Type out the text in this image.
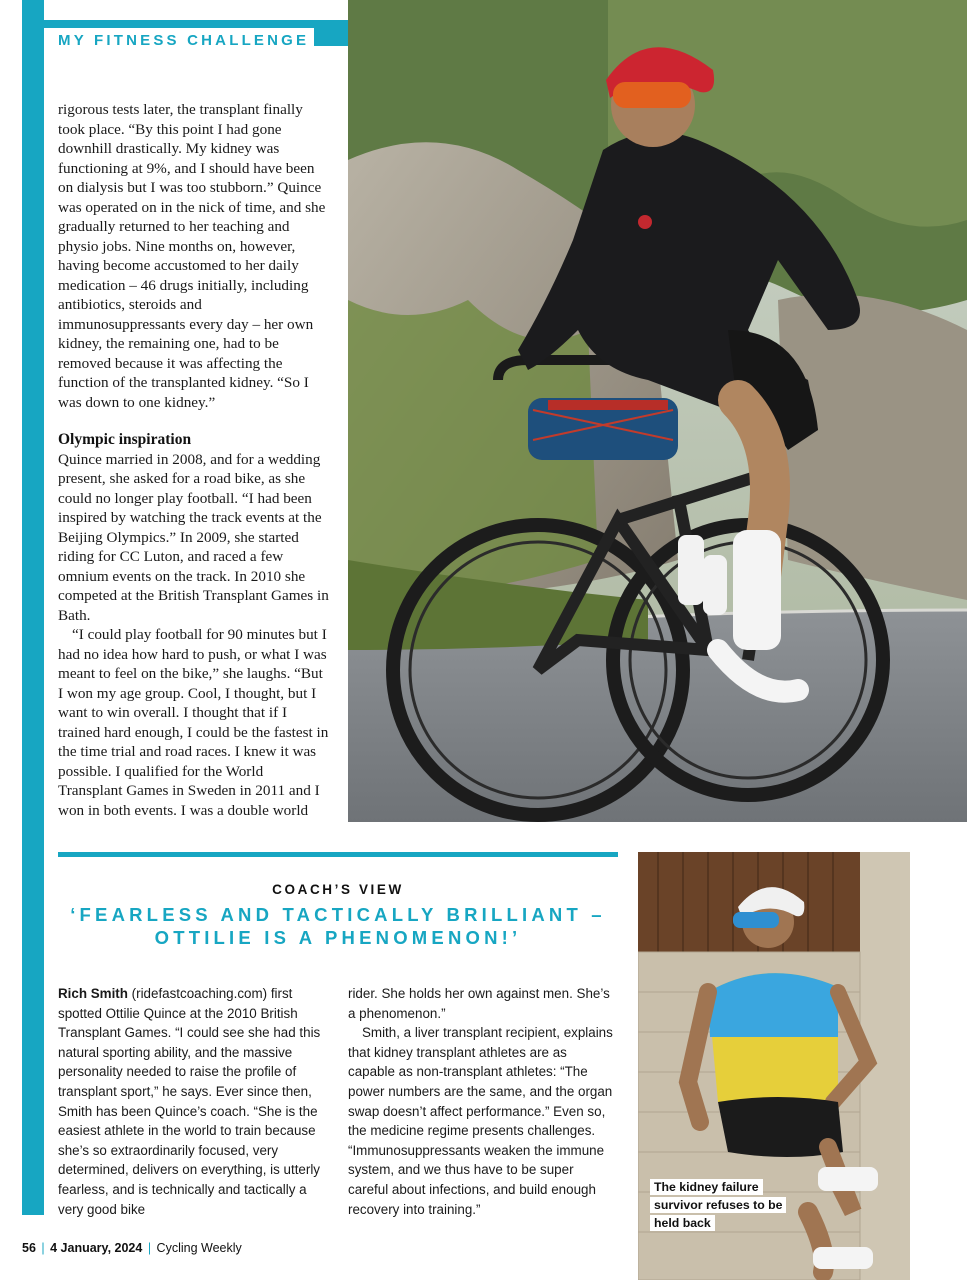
MY FITNESS CHALLENGE

rigorous tests later, the transplant finally took place. “By this point I had gone downhill drastically. My kidney was functioning at 9%, and I should have been on dialysis but I was too stubborn.” Quince was operated on in the nick of time, and she gradually returned to her teaching and physio jobs. Nine months on, however, having become accustomed to her daily medication – 46 drugs initially, including antibiotics, steroids and immunosuppressants every day – her own kidney, the remaining one, had to be removed because it was affecting the function of the transplanted kidney. “So I was down to one kidney.”

Olympic inspiration

Quince married in 2008, and for a wedding present, she asked for a road bike, as she could no longer play football. “I had been inspired by watching the track events at the Beijing Olympics.” In 2009, she started riding for CC Luton, and raced a few omnium events on the track. In 2010 she competed at the British Transplant Games in Bath.

“I could play football for 90 minutes but I had no idea how hard to push, or what I was meant to feel on the bike,” she laughs. “But I won my age group. Cool, I thought, but I want to win overall. I thought that if I trained hard enough, I could be the fastest in the time trial and road races. I knew it was possible. I qualified for the World Transplant Games in Sweden in 2011 and I won in both events. I was a double world

COACH’S VIEW
‘FEARLESS AND TACTICALLY BRILLIANT – OTTILIE IS A PHENOMENON!’

Rich Smith (ridefastcoaching.com) first spotted Ottilie Quince at the 2010 British Transplant Games. “I could see she had this natural sporting ability, and the massive personality needed to raise the profile of transplant sport,” he says. Ever since then, Smith has been Quince’s coach. “She is the easiest athlete in the world to train because she’s so extraordinarily focused, very determined, delivers on everything, is utterly fearless, and is technically and tactically a very good bike

rider. She holds her own against men. She’s a phenomenon.”

Smith, a liver transplant recipient, explains that kidney transplant athletes are as capable as non-transplant athletes: “The power numbers are the same, and the organ swap doesn’t affect performance.” Even so, the medicine regime presents challenges. “Immunosuppressants weaken the immune system, and we thus have to be super careful about infections, and build enough recovery into training.”

The kidney failure survivor refuses to be held back
56 | 4 January, 2024 | Cycling Weekly
